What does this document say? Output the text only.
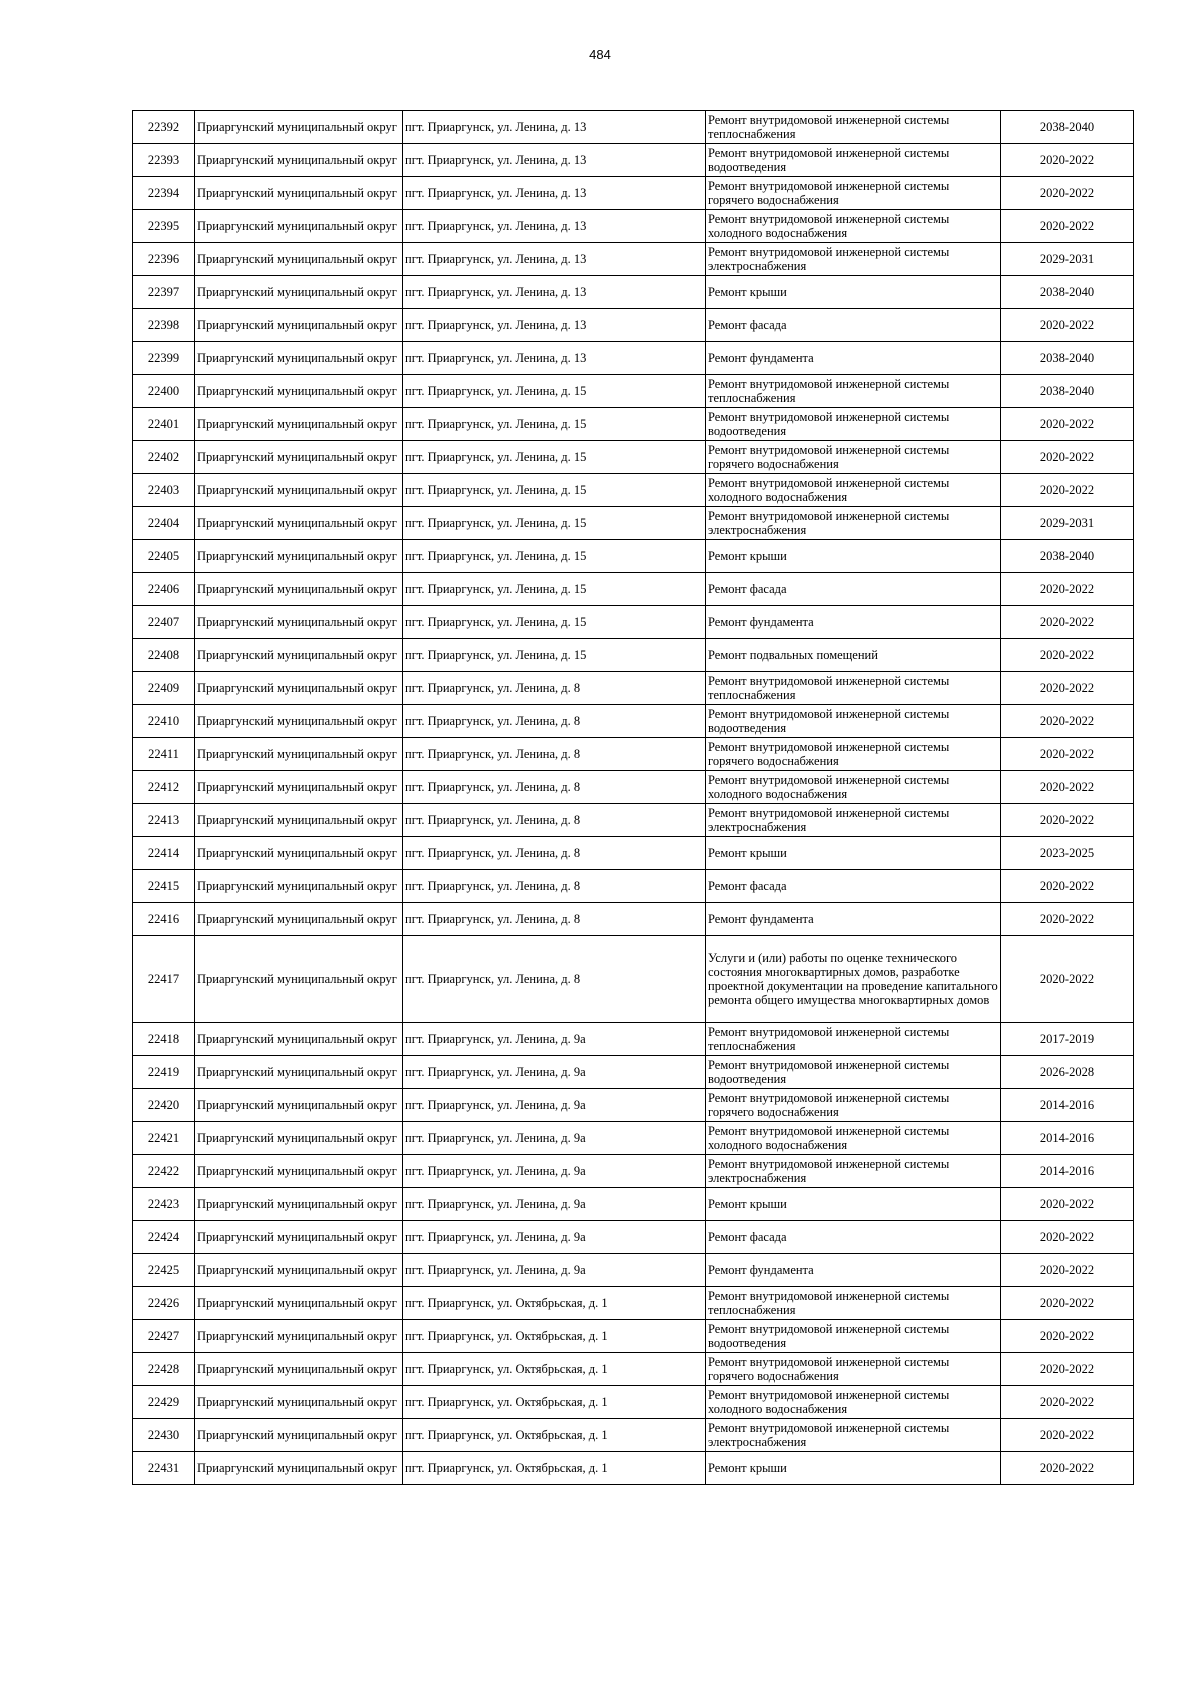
484
22392	Приаргунский муниципальный округ	пгт. Приаргунск, ул. Ленина, д. 13	Ремонт внутридомовой инженерной системы теплоснабжения	2038-2040
22393	Приаргунский муниципальный округ	пгт. Приаргунск, ул. Ленина, д. 13	Ремонт внутридомовой инженерной системы водоотведения	2020-2022
22394	Приаргунский муниципальный округ	пгт. Приаргунск, ул. Ленина, д. 13	Ремонт внутридомовой инженерной системы горячего водоснабжения	2020-2022
22395	Приаргунский муниципальный округ	пгт. Приаргунск, ул. Ленина, д. 13	Ремонт внутридомовой инженерной системы холодного водоснабжения	2020-2022
22396	Приаргунский муниципальный округ	пгт. Приаргунск, ул. Ленина, д. 13	Ремонт внутридомовой инженерной системы электроснабжения	2029-2031
22397	Приаргунский муниципальный округ	пгт. Приаргунск, ул. Ленина, д. 13	Ремонт крыши	2038-2040
22398	Приаргунский муниципальный округ	пгт. Приаргунск, ул. Ленина, д. 13	Ремонт фасада	2020-2022
22399	Приаргунский муниципальный округ	пгт. Приаргунск, ул. Ленина, д. 13	Ремонт фундамента	2038-2040
22400	Приаргунский муниципальный округ	пгт. Приаргунск, ул. Ленина, д. 15	Ремонт внутридомовой инженерной системы теплоснабжения	2038-2040
22401	Приаргунский муниципальный округ	пгт. Приаргунск, ул. Ленина, д. 15	Ремонт внутридомовой инженерной системы водоотведения	2020-2022
22402	Приаргунский муниципальный округ	пгт. Приаргунск, ул. Ленина, д. 15	Ремонт внутридомовой инженерной системы горячего водоснабжения	2020-2022
22403	Приаргунский муниципальный округ	пгт. Приаргунск, ул. Ленина, д. 15	Ремонт внутридомовой инженерной системы холодного водоснабжения	2020-2022
22404	Приаргунский муниципальный округ	пгт. Приаргунск, ул. Ленина, д. 15	Ремонт внутридомовой инженерной системы электроснабжения	2029-2031
22405	Приаргунский муниципальный округ	пгт. Приаргунск, ул. Ленина, д. 15	Ремонт крыши	2038-2040
22406	Приаргунский муниципальный округ	пгт. Приаргунск, ул. Ленина, д. 15	Ремонт фасада	2020-2022
22407	Приаргунский муниципальный округ	пгт. Приаргунск, ул. Ленина, д. 15	Ремонт фундамента	2020-2022
22408	Приаргунский муниципальный округ	пгт. Приаргунск, ул. Ленина, д. 15	Ремонт подвальных помещений	2020-2022
22409	Приаргунский муниципальный округ	пгт. Приаргунск, ул. Ленина, д. 8	Ремонт внутридомовой инженерной системы теплоснабжения	2020-2022
22410	Приаргунский муниципальный округ	пгт. Приаргунск, ул. Ленина, д. 8	Ремонт внутридомовой инженерной системы водоотведения	2020-2022
22411	Приаргунский муниципальный округ	пгт. Приаргунск, ул. Ленина, д. 8	Ремонт внутридомовой инженерной системы горячего водоснабжения	2020-2022
22412	Приаргунский муниципальный округ	пгт. Приаргунск, ул. Ленина, д. 8	Ремонт внутридомовой инженерной системы холодного водоснабжения	2020-2022
22413	Приаргунский муниципальный округ	пгт. Приаргунск, ул. Ленина, д. 8	Ремонт внутридомовой инженерной системы электроснабжения	2020-2022
22414	Приаргунский муниципальный округ	пгт. Приаргунск, ул. Ленина, д. 8	Ремонт крыши	2023-2025
22415	Приаргунский муниципальный округ	пгт. Приаргунск, ул. Ленина, д. 8	Ремонт фасада	2020-2022
22416	Приаргунский муниципальный округ	пгт. Приаргунск, ул. Ленина, д. 8	Ремонт фундамента	2020-2022
22417	Приаргунский муниципальный округ	пгт. Приаргунск, ул. Ленина, д. 8	Услуги и (или) работы по оценке технического состояния многоквартирных домов, разработке проектной документации на проведение капитального ремонта общего имущества многоквартирных домов	2020-2022
22418	Приаргунский муниципальный округ	пгт. Приаргунск, ул. Ленина, д. 9а	Ремонт внутридомовой инженерной системы теплоснабжения	2017-2019
22419	Приаргунский муниципальный округ	пгт. Приаргунск, ул. Ленина, д. 9а	Ремонт внутридомовой инженерной системы водоотведения	2026-2028
22420	Приаргунский муниципальный округ	пгт. Приаргунск, ул. Ленина, д. 9а	Ремонт внутридомовой инженерной системы горячего водоснабжения	2014-2016
22421	Приаргунский муниципальный округ	пгт. Приаргунск, ул. Ленина, д. 9а	Ремонт внутридомовой инженерной системы холодного водоснабжения	2014-2016
22422	Приаргунский муниципальный округ	пгт. Приаргунск, ул. Ленина, д. 9а	Ремонт внутридомовой инженерной системы электроснабжения	2014-2016
22423	Приаргунский муниципальный округ	пгт. Приаргунск, ул. Ленина, д. 9а	Ремонт крыши	2020-2022
22424	Приаргунский муниципальный округ	пгт. Приаргунск, ул. Ленина, д. 9а	Ремонт фасада	2020-2022
22425	Приаргунский муниципальный округ	пгт. Приаргунск, ул. Ленина, д. 9а	Ремонт фундамента	2020-2022
22426	Приаргунский муниципальный округ	пгт. Приаргунск, ул. Октябрьская, д. 1	Ремонт внутридомовой инженерной системы теплоснабжения	2020-2022
22427	Приаргунский муниципальный округ	пгт. Приаргунск, ул. Октябрьская, д. 1	Ремонт внутридомовой инженерной системы водоотведения	2020-2022
22428	Приаргунский муниципальный округ	пгт. Приаргунск, ул. Октябрьская, д. 1	Ремонт внутридомовой инженерной системы горячего водоснабжения	2020-2022
22429	Приаргунский муниципальный округ	пгт. Приаргунск, ул. Октябрьская, д. 1	Ремонт внутридомовой инженерной системы холодного водоснабжения	2020-2022
22430	Приаргунский муниципальный округ	пгт. Приаргунск, ул. Октябрьская, д. 1	Ремонт внутридомовой инженерной системы электроснабжения	2020-2022
22431	Приаргунский муниципальный округ	пгт. Приаргунск, ул. Октябрьская, д. 1	Ремонт крыши	2020-2022
